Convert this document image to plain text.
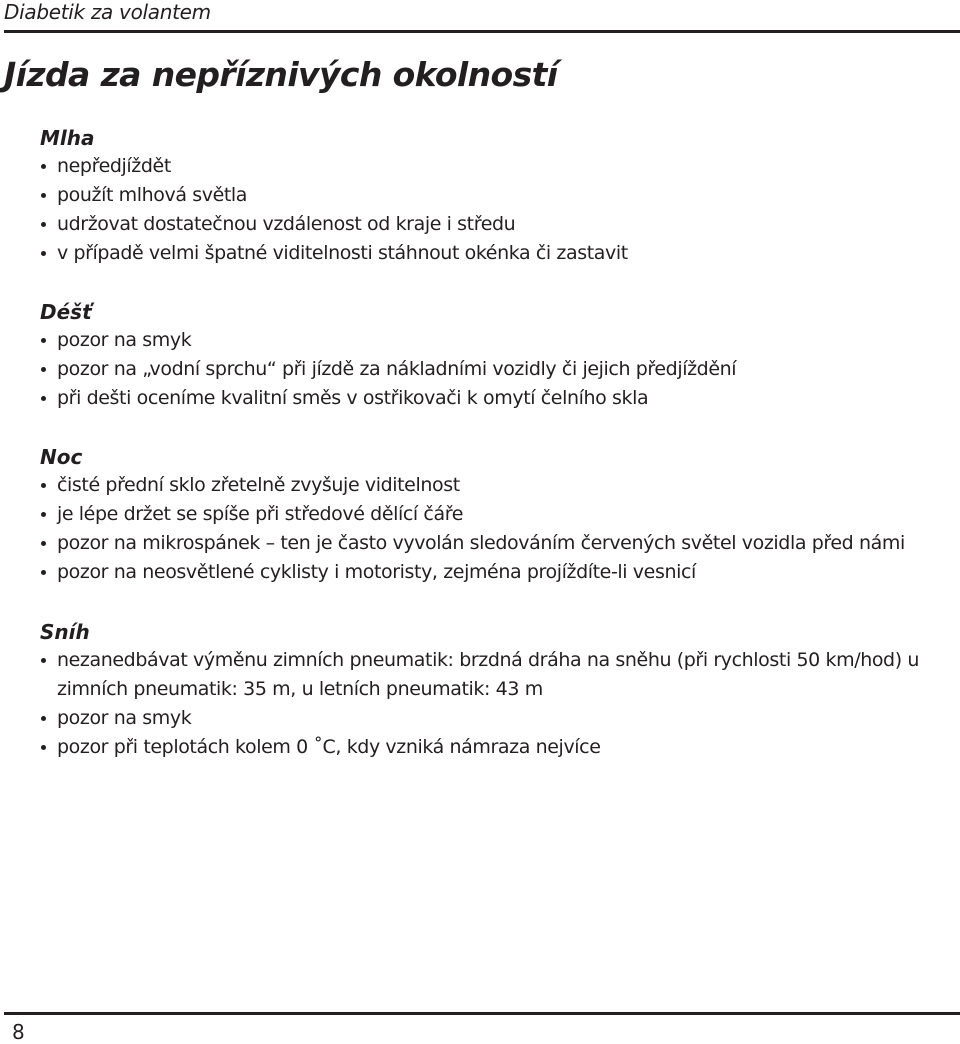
Diabetik za volantem
Jízda za nepříznivých okolností
Mlha
nepředjíždět
použít mlhová světla
udržovat dostatečnou vzdálenost od kraje i středu
v případě velmi špatné viditelnosti stáhnout okénka či zastavit
Déšť
pozor na smyk
pozor na „vodní sprchu“ při jízdě za nákladními vozidly či jejich předjíždění
při dešti oceníme kvalitní směs v ostřikovači k omytí čelního skla
Noc
čisté přední sklo zřetelně zvyšuje viditelnost
je lépe držet se spíše při středové dělící čáře
pozor na mikrospánek – ten je často vyvolán sledováním červených světel vozidla před námi
pozor na neosvětlené cyklisty i motoristy, zejména projíždíte-li vesnicí
Sníh
nezanedbávat výměnu zimních pneumatik: brzdná dráha na sněhu (při rychlosti 50 km/hod) u zimních pneumatik: 35 m, u letních pneumatik: 43 m
pozor na smyk
pozor při teplotách kolem 0 ˚C, kdy vzniká námraza nejvíce
8
